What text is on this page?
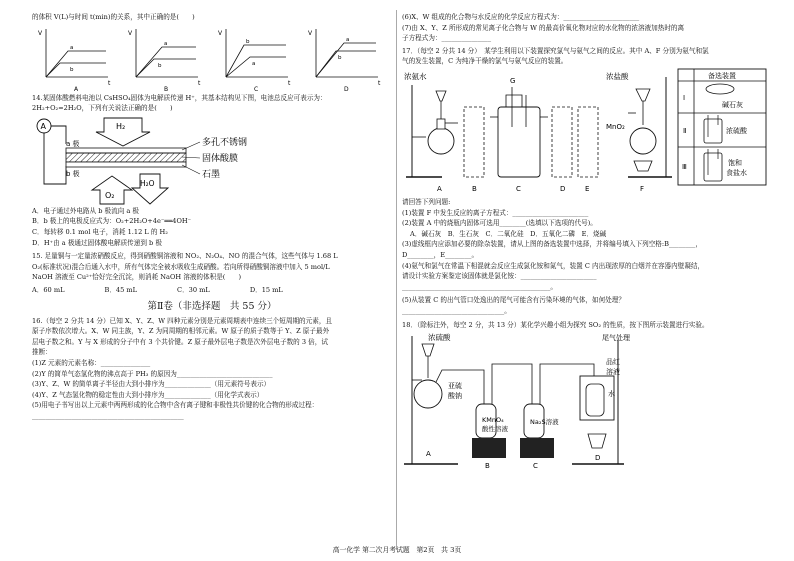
的体积 V(L)与时间 t(min)的关系，其中正确的是(　　)

V
t
a
b
A
V
t
a
b
B
V
t
b
a
C
V
t
a
b
D

14.某固体酸燃料电池以 CsHSO₄固体为电解质传递 H⁺，其基本结构见下图，电池总反应可表示为：

2H₂+O₂=2H₂O，下列有关说法正确的是(　　)

A	H₂
a 极
b 极
多孔不锈钢
固体酸膜
石墨
O₂
H₂O

A．电子通过外电路从 b 极流向 a 极

B．b 极上的电极反应式为：O₂+2H₂O+4e⁻══4OH⁻

C．每转移 0.1 mol 电子，消耗 1.12 L 的 H₂

D．H⁺由 a 极通过固体酸电解质传递到 b 极

15. 足量铜与一定量浓硝酸反应，得到硝酸铜溶液和 NO₂、N₂O₄、NO 的混合气体，这些气体与 1.68 L

O₂(标准状况)混合后通入水中，所有气体完全被水吸收生成硝酸。若向所得硝酸铜溶液中加入 5 mol/L

NaOH 溶液至 Cu²⁺恰好完全沉淀，则消耗 NaOH 溶液的体积是(　　)

A．60 mL	B．45 mL	C．30 mL	D．15 mL
第Ⅱ卷（非选择题　共 55 分）

16.（每空 2 分共 14 分）已知 X、Y、Z、W 四种元素分别是元素周期表中连续三个短周期的元素，且

原子序数依次增大。X、W 同主族，Y、Z 为同周期的相邻元素。W 原子的质子数等于 Y、Z 原子最外

层电子数之和。Y 与 X 形成的分子中有 3 个共价键。Z 原子最外层电子数是次外层电子数的 3 倍，试

推断：

(1)Z 元素的元素名称：_______________

(2)Y 的简单气态氢化物的沸点高于 PH₃ 的原因为_____________________________

(3)Y、Z、W 的简单离子半径由大到小排序为______________（用元素符号表示）

(4)Y、Z 气态氢化物的稳定性由大到小排序为______________（用化学式表示）

(5)用电子书写出以上元素中两两形成的化合物中含有离子键和非极性共价键的化合物的形成过程：

______________________________________________

(6)X、W 组成的化合物与水反应的化学反应方程式为：_______________________

(7)由 X、Y、Z 所形成的常见离子化合物与 W 的最高价氧化物对应的水化物的浓溶液加热时的离

子方程式为：_______________

17．（每空 2 分共 14 分）　某学生利用以下装置探究氯气与氨气之间的反应。其中 A、F 分别为氨气和氯

气的发生装置，C 为纯净干燥的氯气与氨气反应的装置。

浓氨水
A	B
G
C	D	E
浓盐酸
MnO₂
F
备选装置
Ⅰ
Ⅱ
Ⅲ
碱石灰
浓硫酸
饱和
食盐水

请回答下列问题:

(1)装置 F 中发生反应的离子方程式：_______________________

(2)装置 A 中的烧瓶内固体可选用________(选填以下选项的代号)。

A．碱石灰　B．生石灰　C．二氧化硅　D．五氧化二磷　E．烧碱

(3)虚线框内应添加必要的除杂装置，请从上图的备选装置中选择，并将编号填入下列空格:B________，

D________，E________。

(4)氨气和氯气在常温下相混就会反应生成氯化铵和氮气，装置 C 内出现浓厚的白烟并在容器内壁凝结，

请设计实验方案鉴定该固体就是氯化铵：_______________________

_____________________________________________。

(5)从装置 C 的出气管口处逸出的尾气可能含有污染环境的气体，如何处理？

_______________________________。

18．（除标注外，每空 2 分，共 13 分）某化学兴趣小组为探究 SO₂ 的性质，按下图所示装置进行实验。

浓硫酸
亚硫
酸钠
A
KMnO₄
酸性溶液
B
Na₂S溶液
C
尾气处理
品红
溶液
水
D
高一化学 第二次月考试题　第2页　共 3页
